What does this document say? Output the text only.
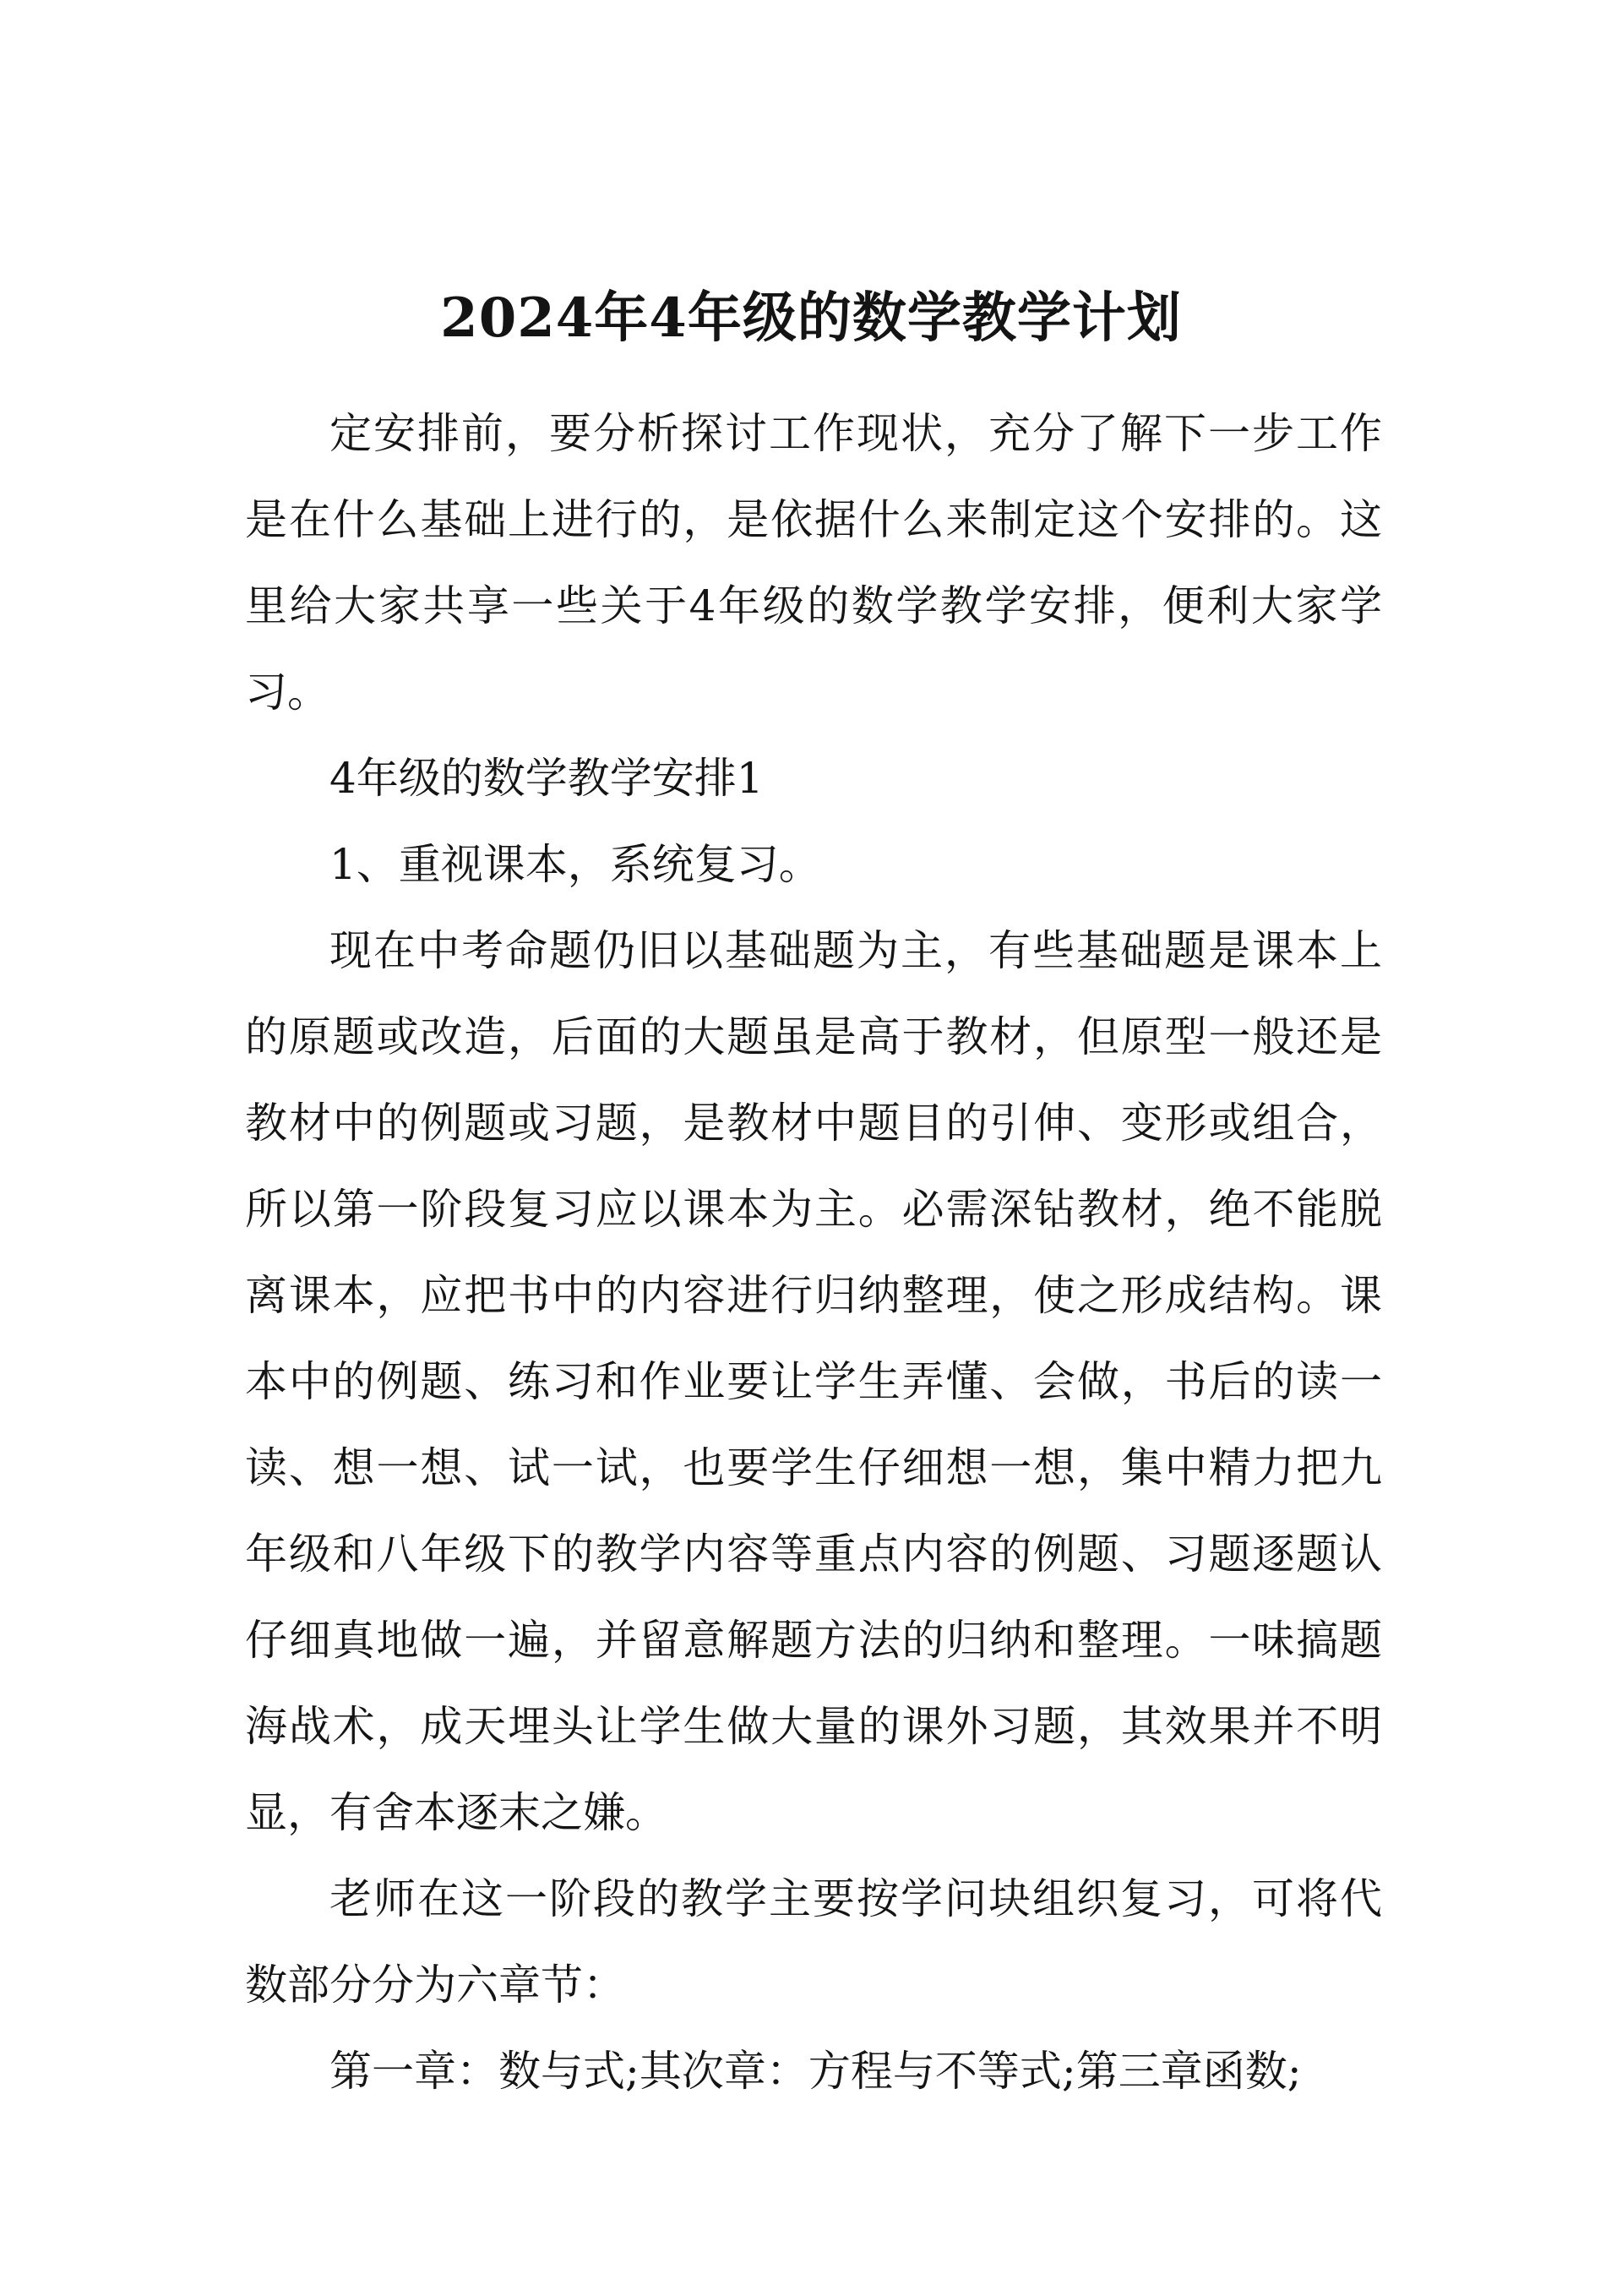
2024年4年级的数学教学计划

定安排前，要分析探讨工作现状，充分了解下一步工作是在什么基础上进行的，是依据什么来制定这个安排的。这里给大家共享一些关于4年级的数学教学安排，便利大家学习。

4年级的数学教学安排1

1、重视课本，系统复习。

现在中考命题仍旧以基础题为主，有些基础题是课本上的原题或改造，后面的大题虽是高于教材，但原型一般还是教材中的例题或习题，是教材中题目的引伸、变形或组合，所以第一阶段复习应以课本为主。必需深钻教材，绝不能脱离课本，应把书中的内容进行归纳整理，使之形成结构。课本中的例题、练习和作业要让学生弄懂、会做，书后的读一读、想一想、试一试，也要学生仔细想一想，集中精力把九年级和八年级下的教学内容等重点内容的例题、习题逐题认仔细真地做一遍，并留意解题方法的归纳和整理。一味搞题海战术，成天埋头让学生做大量的课外习题，其效果并不明显，有舍本逐末之嫌。

老师在这一阶段的教学主要按学问块组织复习，可将代数部分分为六章节：

第一章：数与式;其次章：方程与不等式;第三章函数;
